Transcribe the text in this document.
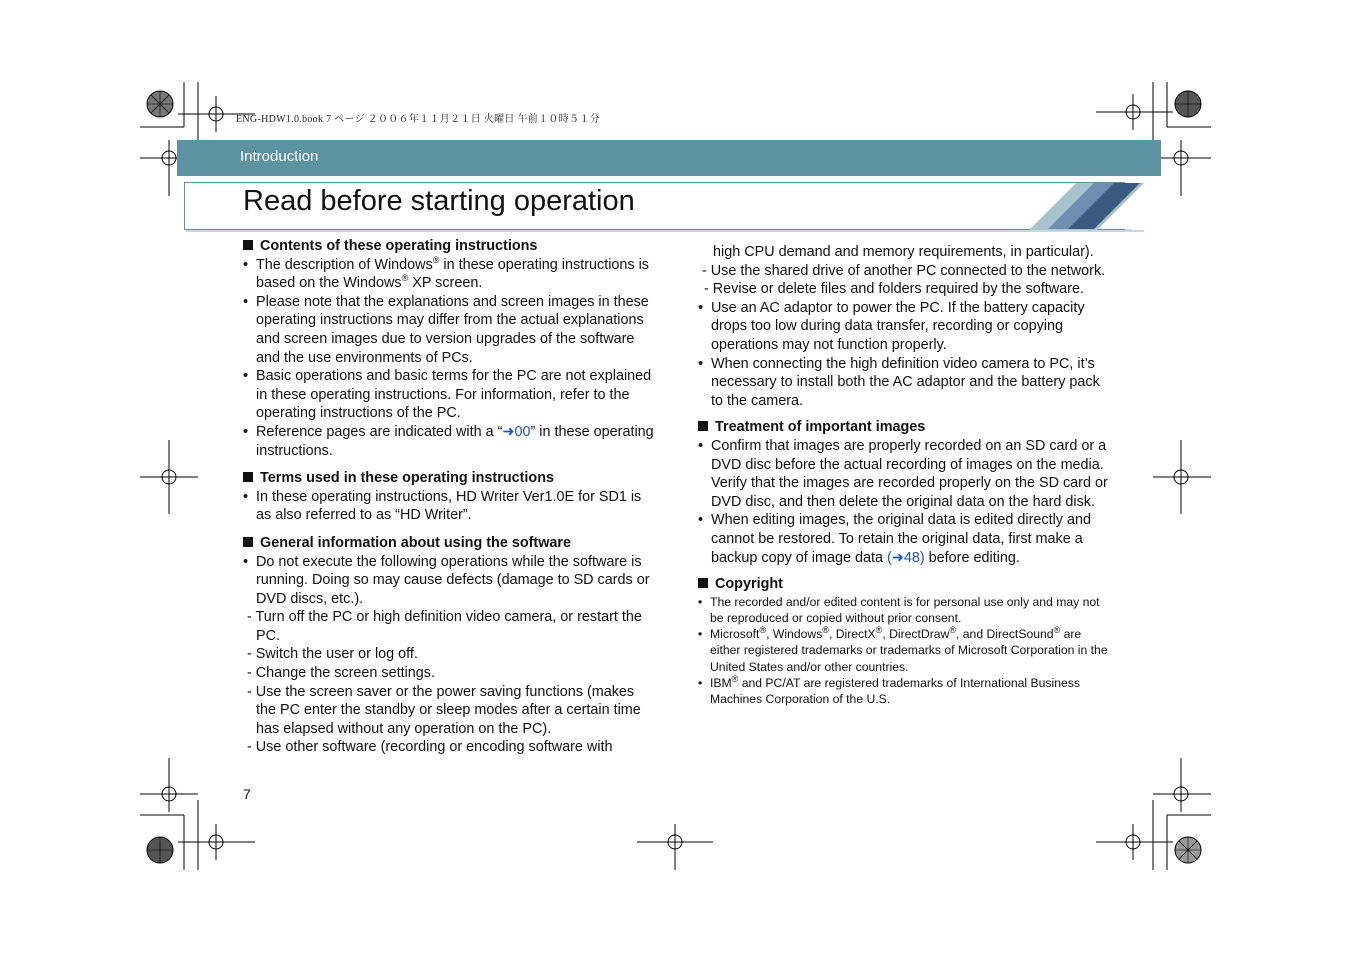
ENG-HDW1.0.book 7 ページ ２００６年１１月２１日 火曜日 午前１０時５１分
Introduction
Read before starting operation

Contents of these operating instructions

• The description of Windows® in these operating instructions is based on the Windows® XP screen.

• Please note that the explanations and screen images in these operating instructions may differ from the actual explanations and screen images due to version upgrades of the software and the use environments of PCs.

• Basic operations and basic terms for the PC are not explained in these operating instructions. For information, refer to the operating instructions of the PC.

• Reference pages are indicated with a “➜00” in these operating instructions.

Terms used in these operating instructions

• In these operating instructions, HD Writer Ver1.0E for SD1 is as also referred to as “HD Writer”.

General information about using the software

• Do not execute the following operations while the software is running. Doing so may cause defects (damage to SD cards or DVD discs, etc.).

- Turn off the PC or high definition video camera, or restart the PC.

- Switch the user or log off.

- Change the screen settings.

- Use the screen saver or the power saving functions (makes the PC enter the standby or sleep modes after a certain time has elapsed without any operation on the PC).

- Use other software (recording or encoding software with

high CPU demand and memory requirements, in particular).

- Use the shared drive of another PC connected to the network.

- Revise or delete files and folders required by the software.

• Use an AC adaptor to power the PC. If the battery capacity drops too low during data transfer, recording or copying operations may not function properly.

• When connecting the high definition video camera to PC, it’s necessary to install both the AC adaptor and the battery pack to the camera.

Treatment of important images

• Confirm that images are properly recorded on an SD card or a DVD disc before the actual recording of images on the media. Verify that the images are recorded properly on the SD card or DVD disc, and then delete the original data on the hard disk.

• When editing images, the original data is edited directly and cannot be restored. To retain the original data, first make a backup copy of image data (➜48) before editing.

Copyright

• The recorded and/or edited content is for personal use only and may not be reproduced or copied without prior consent.

• Microsoft®, Windows®, DirectX®, DirectDraw®, and DirectSound® are either registered trademarks or trademarks of Microsoft Corporation in the United States and/or other countries.

• IBM® and PC/AT are registered trademarks of International Business Machines Corporation of the U.S.

7
